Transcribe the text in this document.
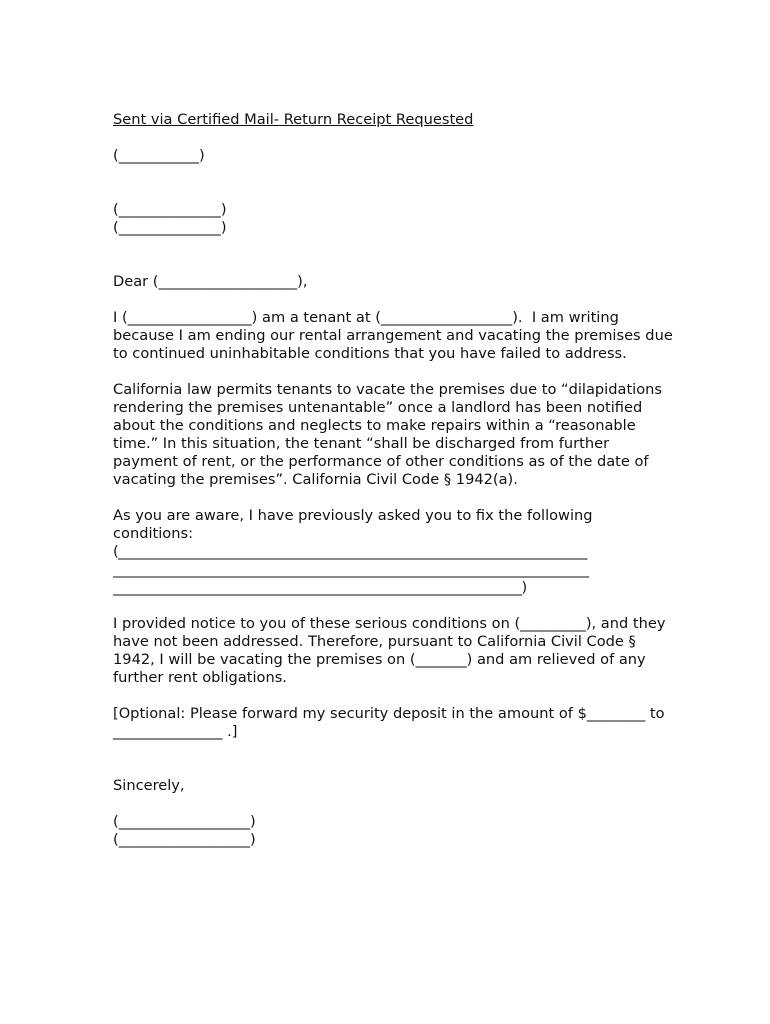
Sent via Certified Mail- Return Receipt Requested

(___________)

(______________)

(______________)

Dear (___________________),

I (_________________) am a tenant at (__________________).  I am writing because I am ending our rental arrangement and vacating the premises due to continued uninhabitable conditions that you have failed to address.

California law permits tenants to vacate the premises due to “dilapidations rendering the premises untenantable” once a landlord has been notified about the conditions and neglects to make repairs within a “reasonable time.” In this situation, the tenant “shall be discharged from further payment of rent, or the performance of other conditions as of the date of vacating the premises”. California Civil Code § 1942(a).

As you are aware, I have previously asked you to fix the following conditions:

(______________________________________________________________________

_______________________________________________________________________

_____________________________________________________________)

I provided notice to you of these serious conditions on (_________), and they have not been addressed. Therefore, pursuant to California Civil Code § 1942, I will be vacating the premises on (_______) and am relieved of any further rent obligations.

[Optional: Please forward my security deposit in the amount of $________ to _______________ .]

Sincerely,

(__________________)

(__________________)
